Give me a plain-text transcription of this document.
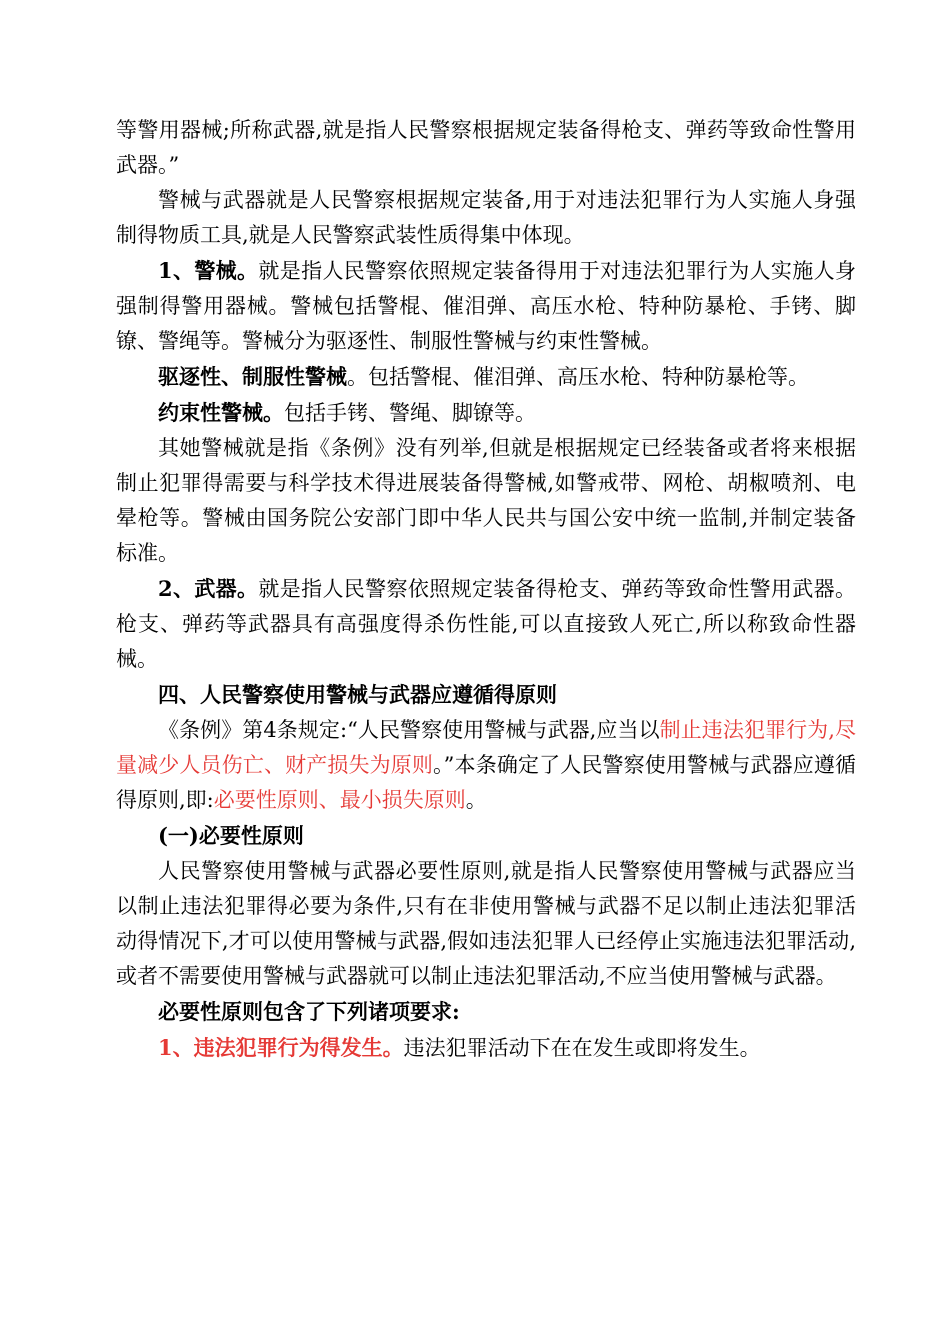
等警用器械;所称武器,就是指人民警察根据规定装备得枪支、弹药等致命性警用武器。”

警械与武器就是人民警察根据规定装备,用于对违法犯罪行为人实施人身强制得物质工具,就是人民警察武装性质得集中体现。

1、警械。就是指人民警察依照规定装备得用于对违法犯罪行为人实施人身强制得警用器械。警械包括警棍、催泪弹、高压水枪、特种防暴枪、手铐、脚镣、警绳等。警械分为驱逐性、制服性警械与约束性警械。

驱逐性、制服性警械。包括警棍、催泪弹、高压水枪、特种防暴枪等。

约束性警械。包括手铐、警绳、脚镣等。

其她警械就是指《条例》没有列举,但就是根据规定已经装备或者将来根据制止犯罪得需要与科学技术得进展装备得警械,如警戒带、网枪、胡椒喷剂、电晕枪等。警械由国务院公安部门即中华人民共与国公安中统一监制,并制定装备标准。

2、武器。就是指人民警察依照规定装备得枪支、弹药等致命性警用武器。枪支、弹药等武器具有高强度得杀伤性能,可以直接致人死亡,所以称致命性器械。

四、人民警察使用警械与武器应遵循得原则

《条例》第4条规定:“人民警察使用警械与武器,应当以制止违法犯罪行为,尽量减少人员伤亡、财产损失为原则。”本条确定了人民警察使用警械与武器应遵循得原则,即:必要性原则、最小损失原则。

(一)必要性原则

人民警察使用警械与武器必要性原则,就是指人民警察使用警械与武器应当以制止违法犯罪得必要为条件,只有在非使用警械与武器不足以制止违法犯罪活动得情况下,才可以使用警械与武器,假如违法犯罪人已经停止实施违法犯罪活动,或者不需要使用警械与武器就可以制止违法犯罪活动,不应当使用警械与武器。

必要性原则包含了下列诸项要求:

1、违法犯罪行为得发生。违法犯罪活动下在在发生或即将发生。
